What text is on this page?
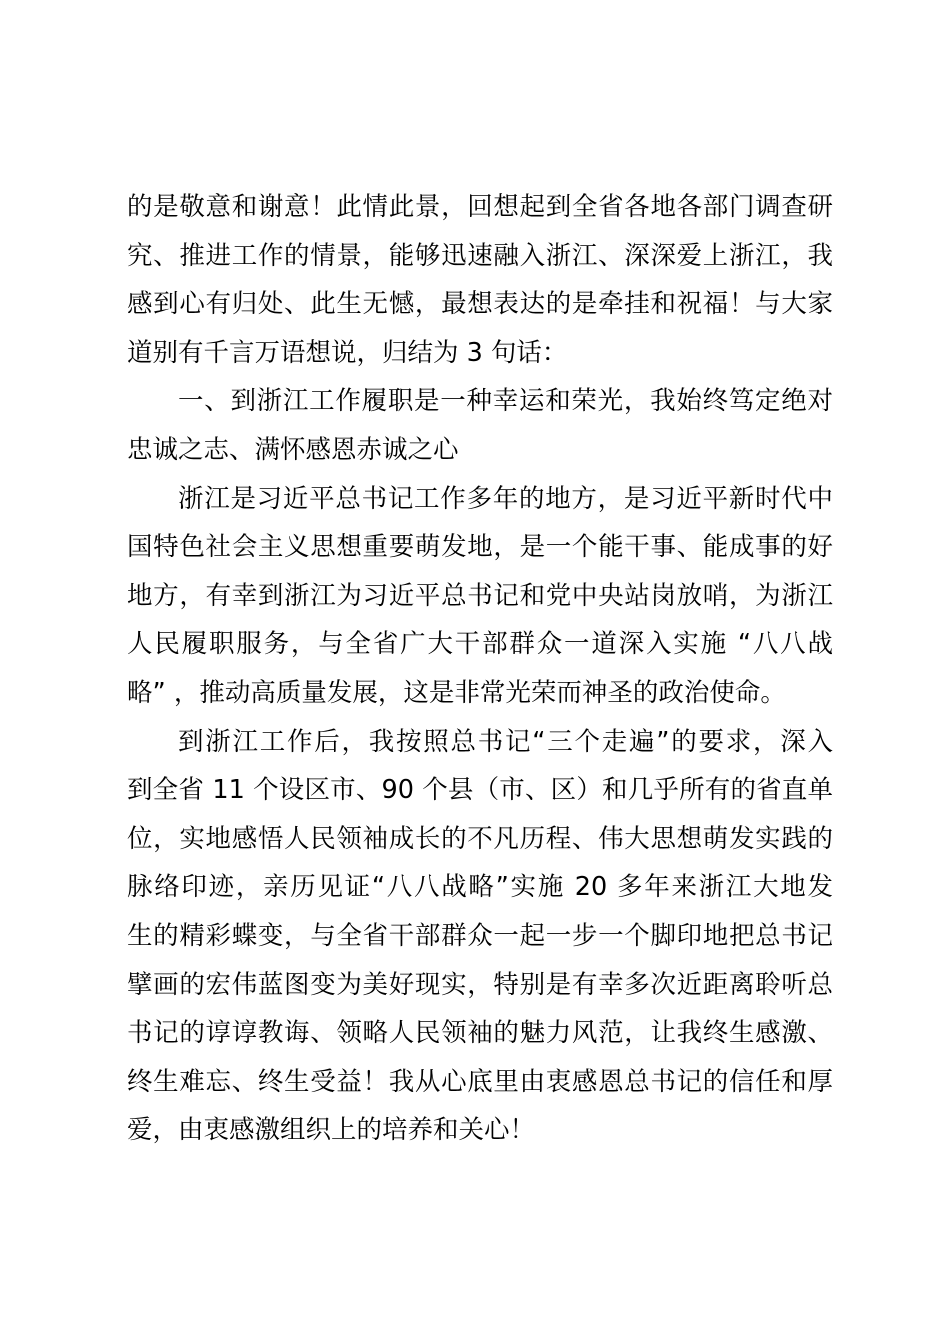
的是敬意和谢意！此情此景，回想起到全省各地各部门调查研
究、推进工作的情景，能够迅速融入浙江、深深爱上浙江，我
感到心有归处、此生无憾，最想表达的是牵挂和祝福！与大家
道别有千言万语想说，归结为 3 句话：
一、到浙江工作履职是一种幸运和荣光，我始终笃定绝对
忠诚之志、满怀感恩赤诚之心
浙江是习近平总书记工作多年的地方，是习近平新时代中
国特色社会主义思想重要萌发地，是一个能干事、能成事的好
地方，有幸到浙江为习近平总书记和党中央站岗放哨，为浙江
人民履职服务，与全省广大干部群众一道深入实施 “八八战
略” ，推动高质量发展，这是非常光荣而神圣的政治使命。
到浙江工作后，我按照总书记“三个走遍”的要求，深入
到全省 11 个设区市、90 个县（市、区）和几乎所有的省直单
位，实地感悟人民领袖成长的不凡历程、伟大思想萌发实践的
脉络印迹，亲历见证“八八战略”实施 20 多年来浙江大地发
生的精彩蝶变，与全省干部群众一起一步一个脚印地把总书记
擘画的宏伟蓝图变为美好现实，特别是有幸多次近距离聆听总
书记的谆谆教诲、领略人民领袖的魅力风范，让我终生感激、
终生难忘、终生受益！我从心底里由衷感恩总书记的信任和厚
爱，由衷感激组织上的培养和关心！
